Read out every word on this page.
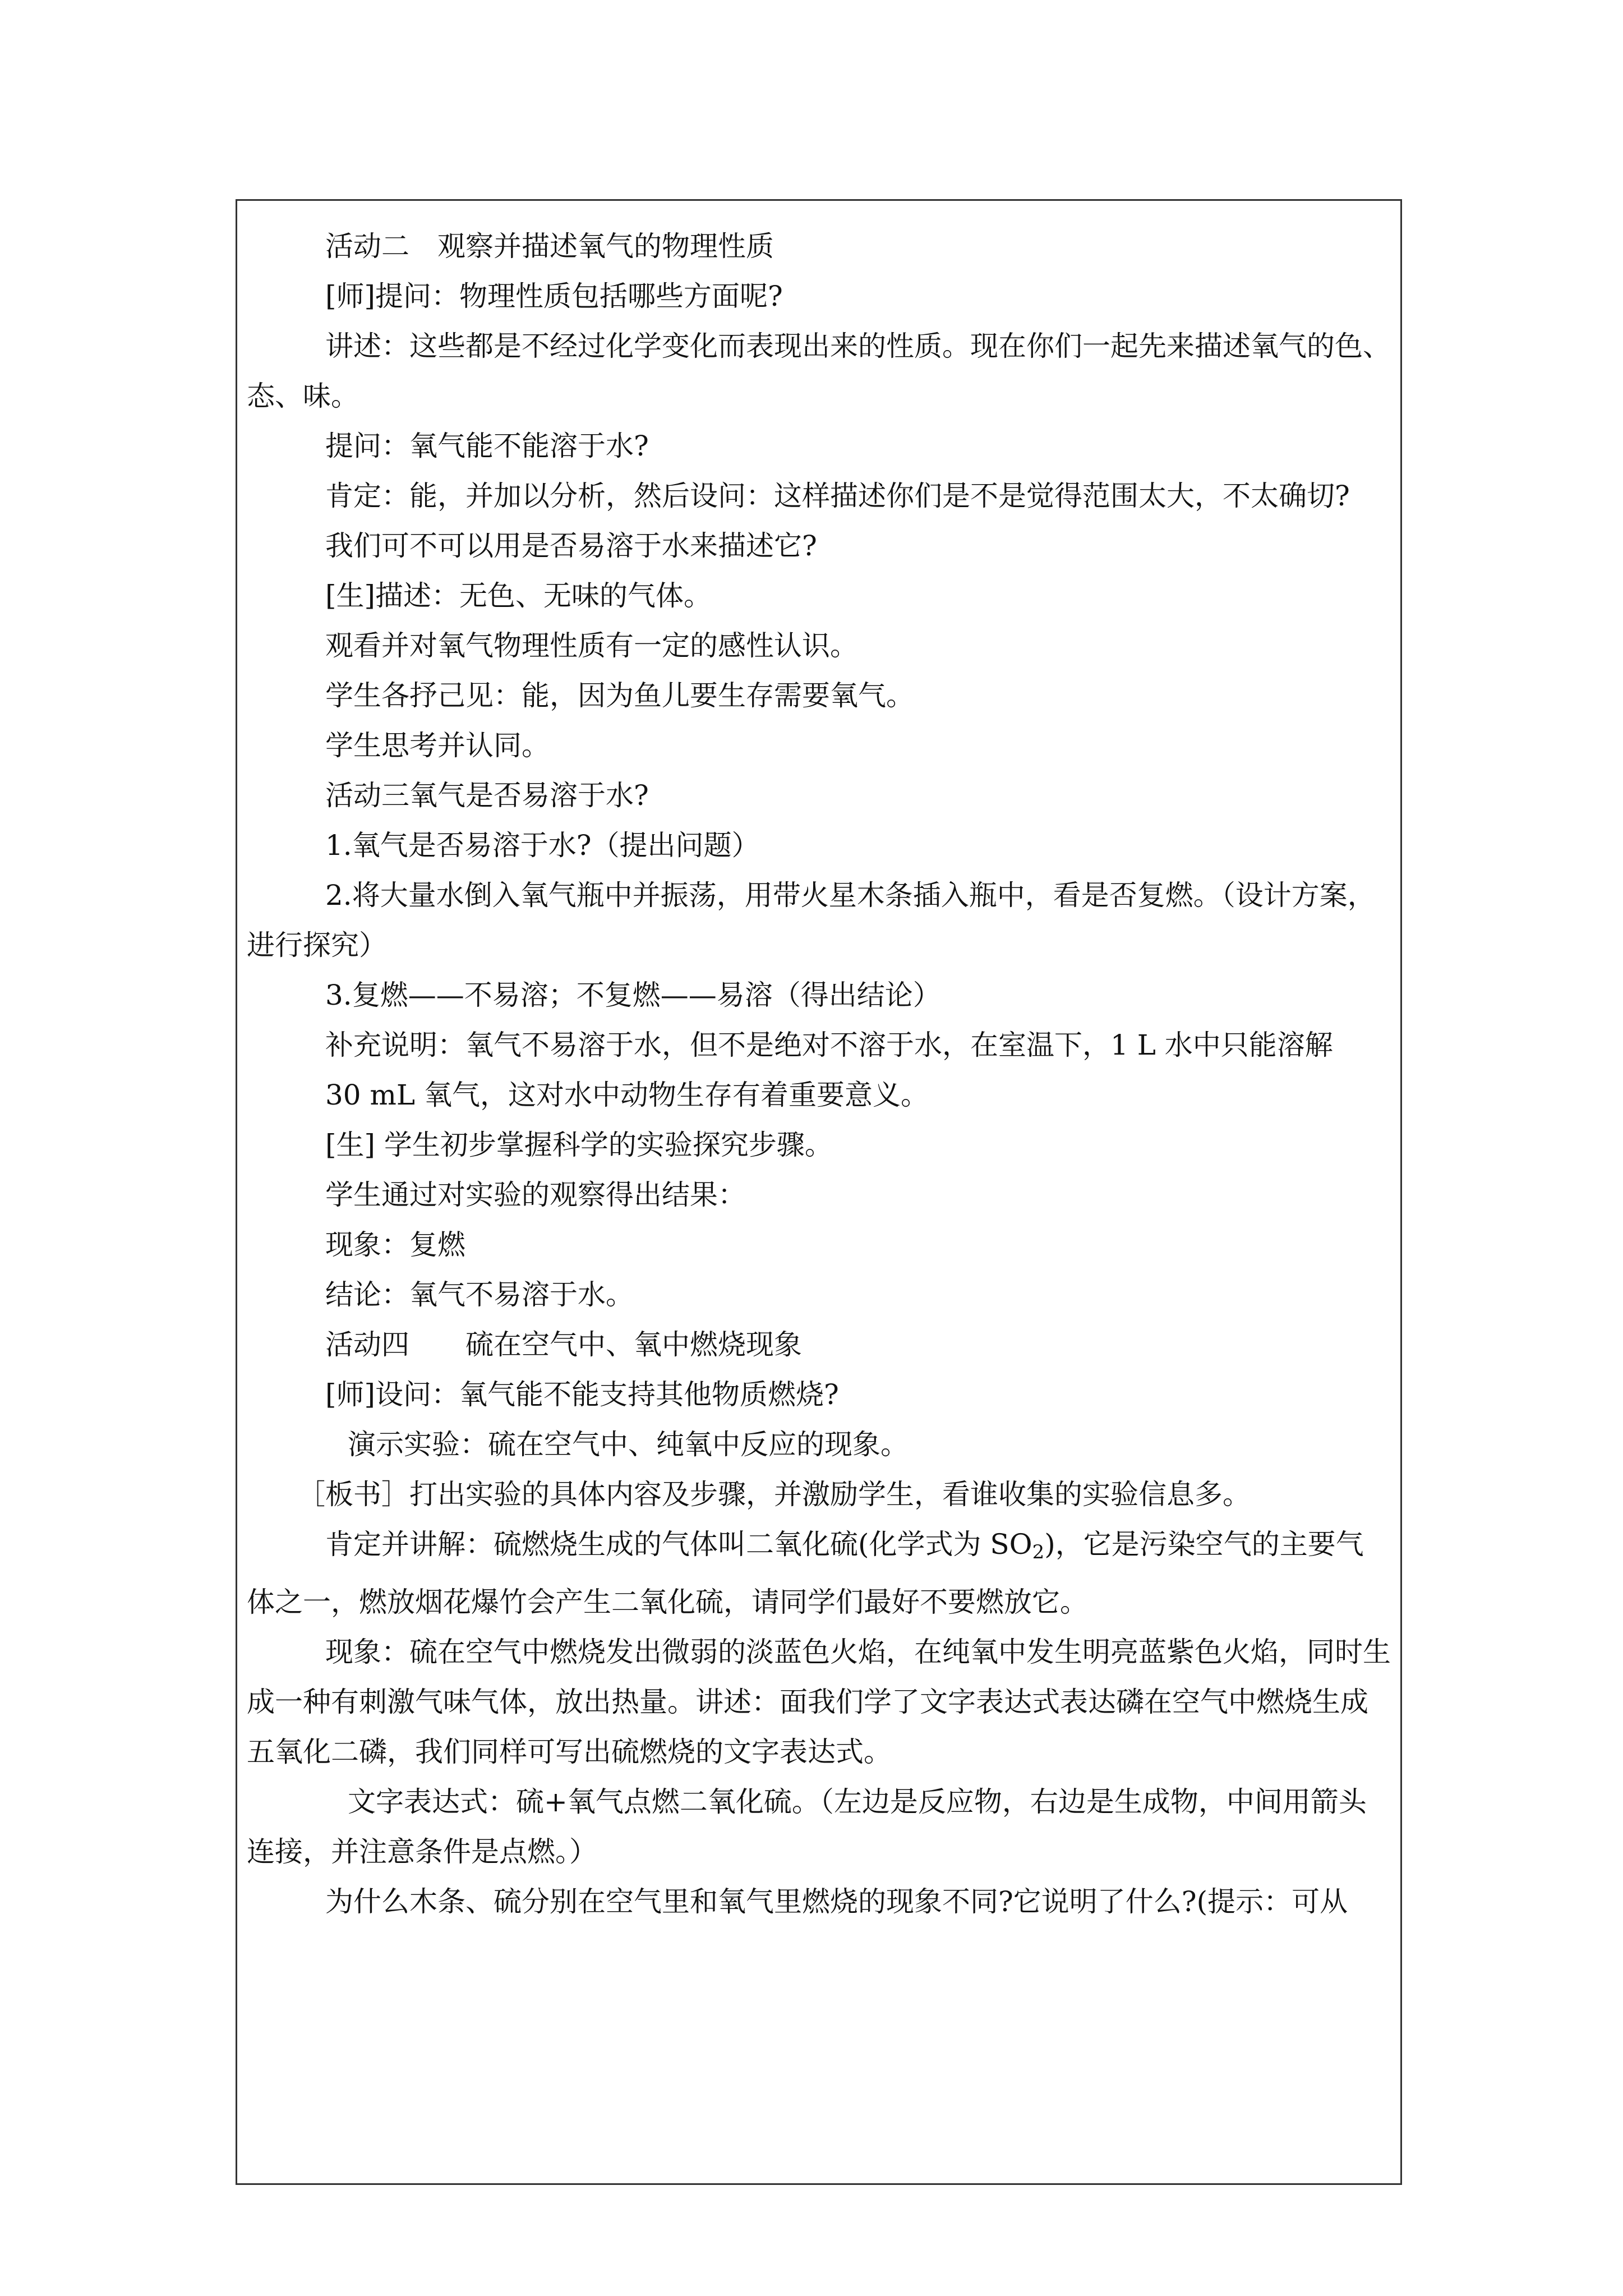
活动二　观察并描述氧气的物理性质

[师]提问：物理性质包括哪些方面呢?

讲述：这些都是不经过化学变化而表现出来的性质。现在你们一起先来描述氧气的色、态、味。

提问：氧气能不能溶于水?

肯定：能，并加以分析，然后设问：这样描述你们是不是觉得范围太大，不太确切?

我们可不可以用是否易溶于水来描述它?

[生]描述：无色、无味的气体。

观看并对氧气物理性质有一定的感性认识。

学生各抒己见：能，因为鱼儿要生存需要氧气。

学生思考并认同。

活动三氧气是否易溶于水?

1.氧气是否易溶于水?（提出问题）

2.将大量水倒入氧气瓶中并振荡，用带火星木条插入瓶中，看是否复燃。（设计方案，进行探究）

3.复燃——不易溶；不复燃——易溶（得出结论）

补充说明：氧气不易溶于水，但不是绝对不溶于水，在室温下，1 L 水中只能溶解

30 mL 氧气，这对水中动物生存有着重要意义。

[生] 学生初步掌握科学的实验探究步骤。

学生通过对实验的观察得出结果：

现象：复燃

结论：氧气不易溶于水。

活动四　　硫在空气中、氧中燃烧现象

[师]设问：氧气能不能支持其他物质燃烧?

演示实验：硫在空气中、纯氧中反应的现象。

［板书］打出实验的具体内容及步骤，并激励学生，看谁收集的实验信息多。

肯定并讲解：硫燃烧生成的气体叫二氧化硫(化学式为 $SO_2$)，它是污染空气的主要气体之一，燃放烟花爆竹会产生二氧化硫，请同学们最好不要燃放它。

现象：硫在空气中燃烧发出微弱的淡蓝色火焰，在纯氧中发生明亮蓝紫色火焰，同时生成一种有刺激气味气体，放出热量。讲述：面我们学了文字表达式表达磷在空气中燃烧生成五氧化二磷，我们同样可写出硫燃烧的文字表达式。

文字表达式：硫+氧气点燃二氧化硫。（左边是反应物，右边是生成物，中间用箭头连接，并注意条件是点燃。）

为什么木条、硫分别在空气里和氧气里燃烧的现象不同?它说明了什么?(提示：可从
